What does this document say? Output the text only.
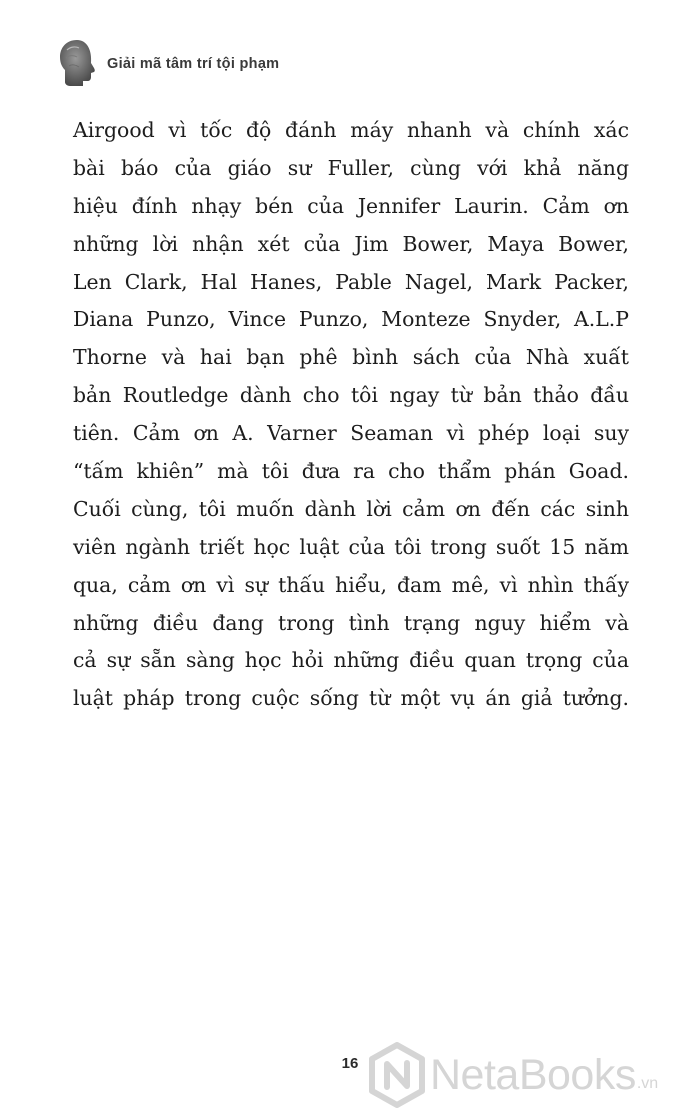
Giải mã tâm trí tội phạm
Airgood vì tốc độ đánh máy nhanh và chính xác
bài báo của giáo sư Fuller, cùng với khả năng
hiệu đính nhạy bén của Jennifer Laurin. Cảm ơn
những lời nhận xét của Jim Bower, Maya Bower,
Len Clark, Hal Hanes, Pable Nagel, Mark Packer,
Diana Punzo, Vince Punzo, Monteze Snyder, A.L.P
Thorne và hai bạn phê bình sách của Nhà xuất
bản Routledge dành cho tôi ngay từ bản thảo đầu
tiên. Cảm ơn A. Varner Seaman vì phép loại suy
“tấm khiên” mà tôi đưa ra cho thẩm phán Goad.
Cuối cùng, tôi muốn dành lời cảm ơn đến các sinh
viên ngành triết học luật của tôi trong suốt 15 năm
qua, cảm ơn vì sự thấu hiểu, đam mê, vì nhìn thấy
những điều đang trong tình trạng nguy hiểm và
cả sự sẵn sàng học hỏi những điều quan trọng của
luật pháp trong cuộc sống từ một vụ án giả tưởng.
16	NetaBooks .vn
